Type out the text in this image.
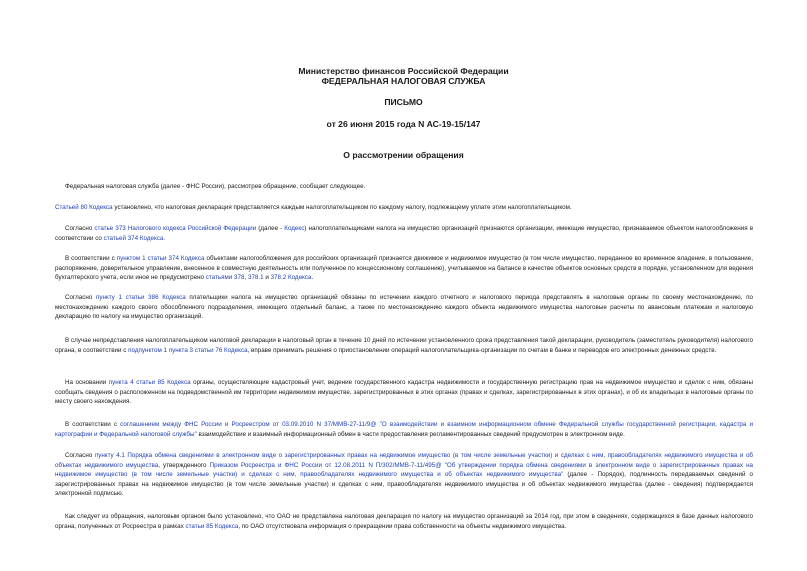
Министерство финансов Российской Федерации
ФЕДЕРАЛЬНАЯ НАЛОГОВАЯ СЛУЖБА
ПИСЬМО
от 26 июня 2015 года N АС-19-15/147
О рассмотрении обращения
Федеральная налоговая служба (далее - ФНС России), рассмотрев обращение, сообщает следующее.
Статьей 80 Кодекса установлено, что налоговая декларация представляется каждым налогоплательщиком по каждому налогу, подлежащему уплате этим налогоплательщиком.
Согласно статье 373 Налогового кодекса Российской Федерации (далее - Кодекс) налогоплательщиками налога на имущество организаций признаются организации, имеющие имущество, признаваемое объектом налогообложения в соответствии со статьей 374 Кодекса.
В соответствии с пунктом 1 статьи 374 Кодекса объектами налогообложения для российских организаций признается движимое и недвижимое имущество (в том числе имущество, переданное во временное владение, в пользование, распоряжение, доверительное управление, внесенное в совместную деятельность или полученное по концессионному соглашению), учитываемое на балансе в качестве объектов основных средств в порядке, установленном для ведения бухгалтерского учета, если иное не предусмотрено статьями 378, 378.1 и 378.2 Кодекса.
Согласно пункту 1 статьи 386 Кодекса плательщики налога на имущество организаций обязаны по истечении каждого отчетного и налогового периода представлять в налоговые органы по своему местонахождению, по местонахождению каждого своего обособленного подразделения, имеющего отдельный баланс, а также по местонахождению каждого объекта недвижимого имущества налоговые расчеты по авансовым платежам и налоговую декларацию по налогу на имущество организаций.
В случае непредставления налогоплательщиком налоговой декларации в налоговый орган в течение 10 дней по истечении установленного срока представления такой декларации, руководитель (заместитель руководителя) налогового органа, в соответствии с подпунктом 1 пункта 3 статьи 76 Кодекса, вправе принимать решения о приостановлении операций налогоплательщика-организации по счетам в банке и переводов его электронных денежных средств.
На основании пункта 4 статьи 85 Кодекса органы, осуществляющие кадастровый учет, ведение государственного кадастра недвижимости и государственную регистрацию прав на недвижимое имущество и сделок с ним, обязаны сообщать сведения о расположенном на подведомственной им территории недвижимом имуществе, зарегистрированных в этих органах (правах и сделках, зарегистрированных в этих органах), и об их владельцах в налоговые органы по месту своего нахождения.
В соответствии с соглашением между ФНС России и Росреестром от 03.09.2010 N 37/ММВ-27-11/9@ "О взаимодействии и взаимном информационном обмене Федеральной службы государственной регистрации, кадастра и картографии и Федеральной налоговой службы" взаимодействие и взаимный информационный обмен в части предоставления регламентированных сведений предусмотрен в электронном виде.
Согласно пункту 4.1 Порядка обмена сведениями в электронном виде о зарегистрированных правах на недвижимое имущество (в том числе земельные участки) и сделках с ним, правообладателях недвижимого имущества и об объектах недвижимого имущества, утвержденного Приказом Росреестра и ФНС России от 12.08.2011 N П/302/ММВ-7-11/495@ "Об утверждении порядка обмена сведениями в электронном виде о зарегистрированных правах на недвижимое имущество (в том числе земельные участки) и сделках с ним, правообладателях недвижимого имущества и об объектах недвижимого имущества" (далее - Порядок), подлинность передаваемых сведений о зарегистрированных правах на недвижимое имущество (в том числе земельные участки) и сделках с ним, правообладателях недвижимого имущества и об объектах недвижимого имущества (далее - сведения) подтверждается электронной подписью.
Как следует из обращения, налоговым органом было установлено, что ОАО не представлена налоговая декларация по налогу на имущество организаций за 2014 год, при этом в сведениях, содержащихся в базе данных налогового органа, полученных от Росреестра в рамках статьи 85 Кодекса, по ОАО отсутствовала информация о прекращении права собственности на объекты недвижимого имущества.
